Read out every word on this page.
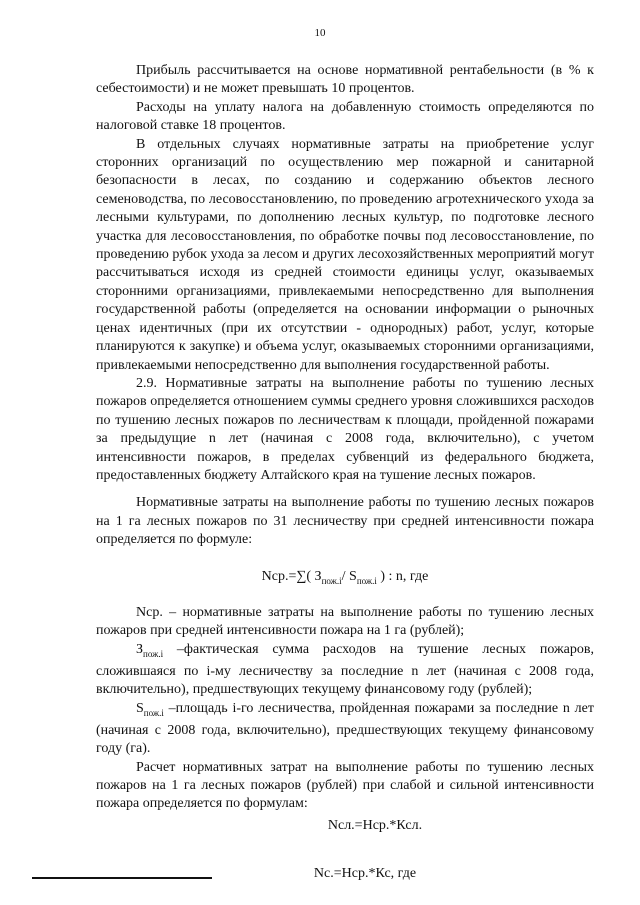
10

Прибыль рассчитывается на основе нормативной рентабельности (в % к себестоимости) и не может превышать 10 процентов.

Расходы на уплату налога на добавленную стоимость определяются по налоговой ставке 18 процентов.

В отдельных случаях нормативные затраты на приобретение услуг сторонних организаций по осуществлению мер пожарной и санитарной безопасности в лесах, по созданию и содержанию объектов лесного семеноводства, по лесовосстановлению, по проведению агротехнического ухода за лесными культурами, по дополнению лесных культур, по подготовке лесного участка для лесовосстановления, по обработке почвы под лесовосстановление, по проведению рубок ухода за лесом и других лесохозяйственных мероприятий могут рассчитываться исходя из средней стоимости единицы услуг, оказываемых сторонними организациями, привлекаемыми непосредственно для выполнения государственной работы (определяется на основании информации о рыночных ценах идентичных (при их отсутствии - однородных) работ, услуг, которые планируются к закупке) и объема услуг, оказываемых сторонними организациями, привлекаемыми непосредственно для выполнения государственной работы.

2.9. Нормативные затраты на выполнение работы по тушению лесных пожаров определяется отношением суммы среднего уровня сложившихся расходов по тушению лесных пожаров по лесничествам к площади, пройденной пожарами за предыдущие n лет (начиная с 2008 года, включительно), с учетом интенсивности пожаров, в пределах субвенций из федерального бюджета, предоставленных бюджету Алтайского края на тушение лесных пожаров.

Нормативные затраты на выполнение работы по тушению лесных пожаров на 1 га лесных пожаров по 31 лесничеству при средней интенсивности пожара определяется по формуле:

Nср.=∑( $З_{пож.i}/$ $S_{пож.i}$ ) : n, где

Nср. – нормативные затраты на выполнение работы по тушению лесных пожаров при средней интенсивности пожара на 1 га (рублей);

$З_{пож.i}$ –фактическая сумма расходов на тушение лесных пожаров, сложившаяся по i-му лесничеству за последние n лет (начиная с 2008 года, включительно), предшествующих текущему финансовому году (рублей);

$S_{пож.i}$ –площадь i-го лесничества, пройденная пожарами за последние n лет (начиная с 2008 года, включительно), предшествующих текущему финансовому году (га).

Расчет нормативных затрат на выполнение работы по тушению лесных пожаров на 1 га лесных пожаров (рублей) при слабой и сильной интенсивности пожара определяется по формулам:

Nсл.=Нср.*Ксл.
Nс.=Нср.*Кс, где
